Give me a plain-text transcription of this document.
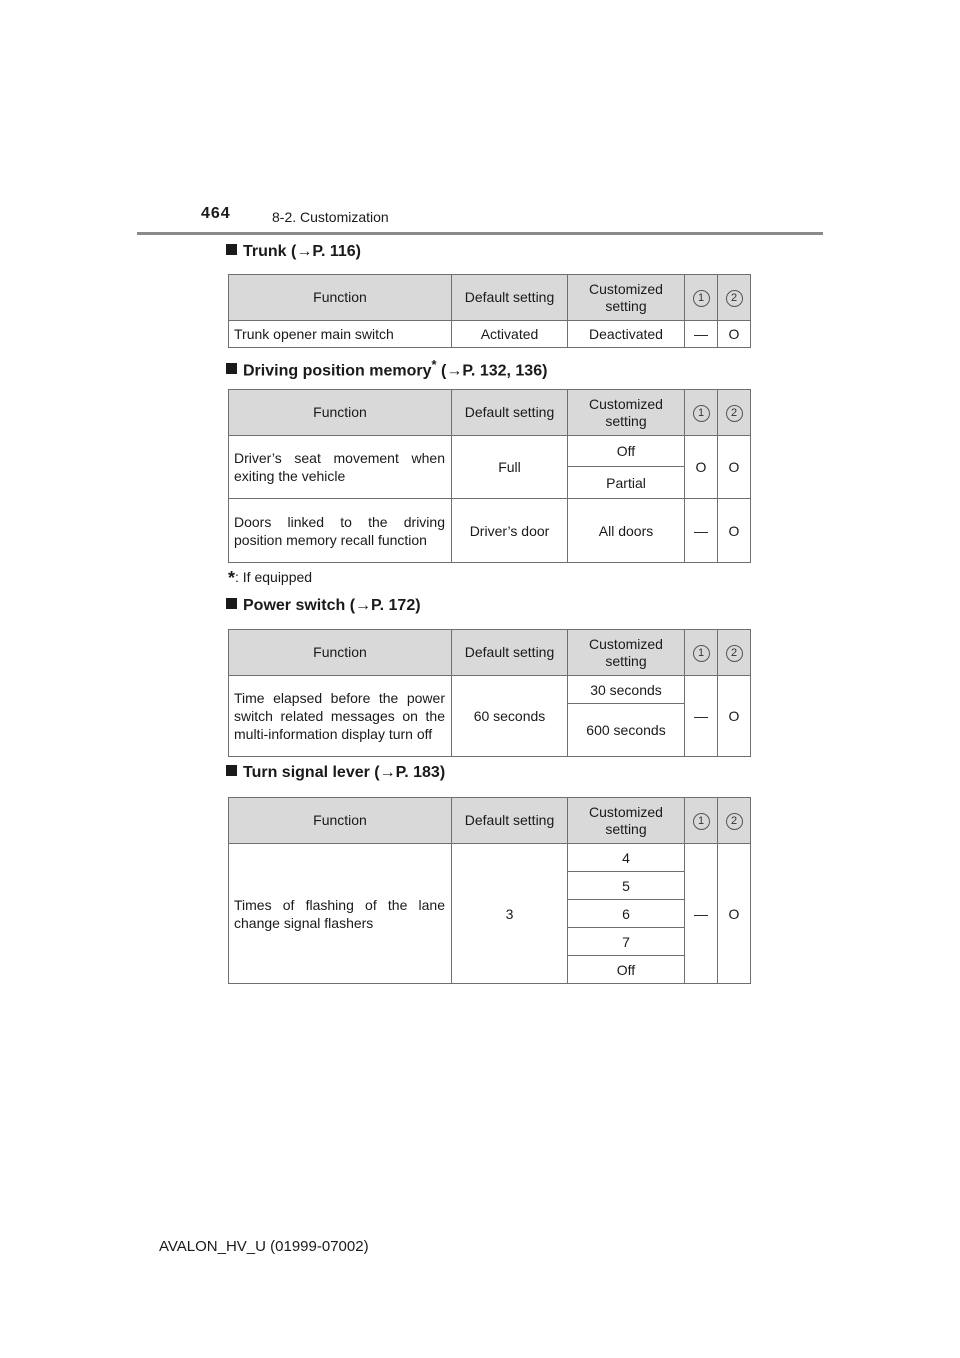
464	8-2. Customization
Trunk (→P. 116)
Function	Default setting	Customized setting	1	2
Trunk opener main switch	Activated	Deactivated	—	O
Driving position memory* (→P. 132, 136)
Function	Default setting	Customized setting	1	2
Driver’s seat movement when exiting the vehicle	Full	Off	O	O
		Partial		
Doors linked to the driving position memory recall function	Driver’s door	All doors	—	O
*: If equipped
Power switch (→P. 172)
Function	Default setting	Customized setting	1	2
Time elapsed before the power switch related messages on the multi-information display turn off	60 seconds	30 seconds	—	O
		600 seconds		
Turn signal lever (→P. 183)
Function	Default setting	Customized setting	1	2
Times of flashing of the lane change signal flashers	3	4	—	O
		5		
		6		
		7		
		Off		
AVALON_HV_U (01999-07002)
